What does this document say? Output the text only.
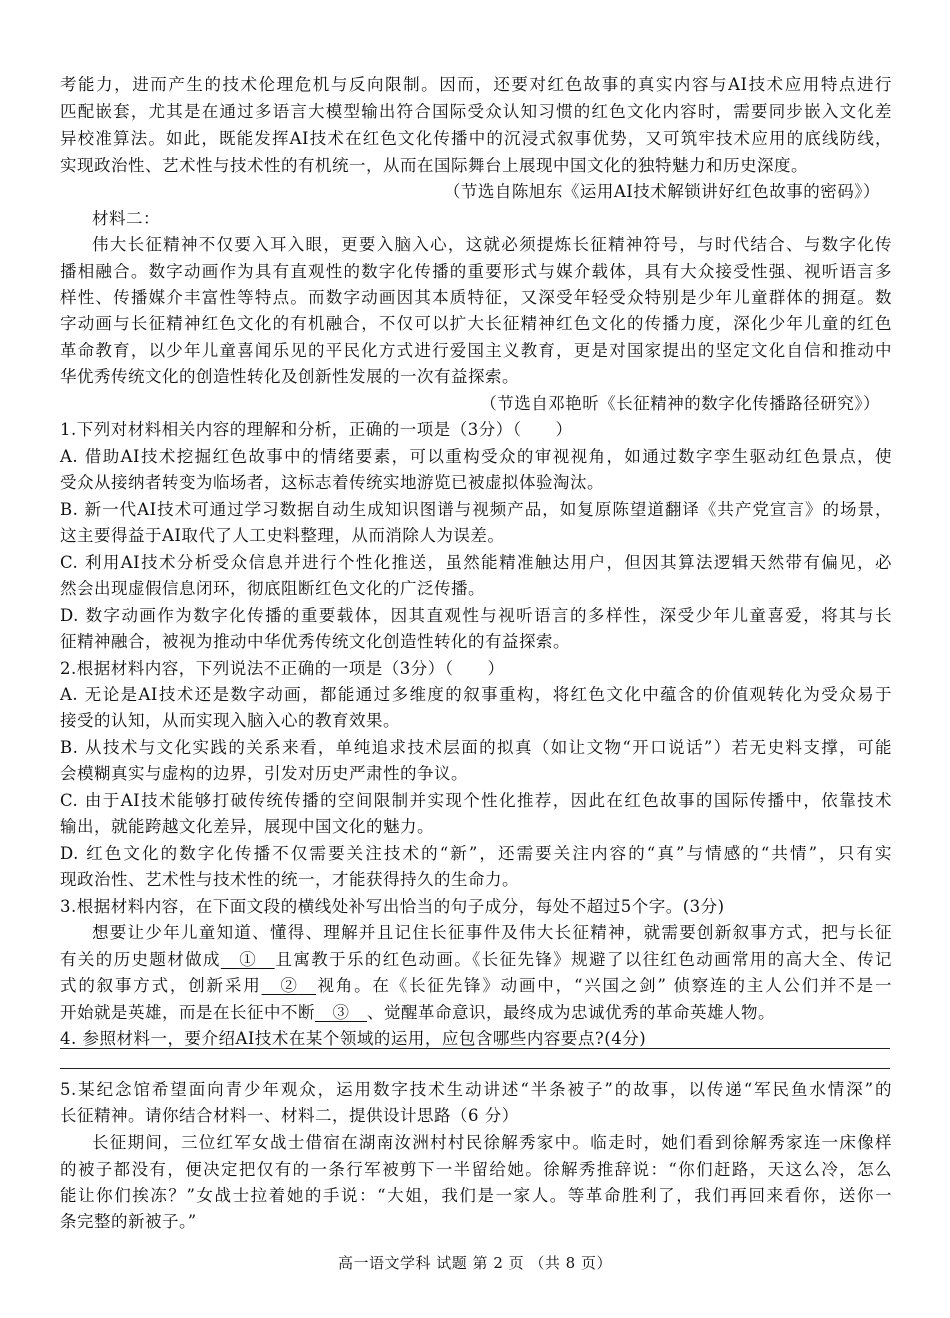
考能力，进而产生的技术伦理危机与反向限制。因而，还要对红色故事的真实内容与AI技术应用特点进行
匹配嵌套，尤其是在通过多语言大模型输出符合国际受众认知习惯的红色文化内容时，需要同步嵌入文化差
异校准算法。如此，既能发挥AI技术在红色文化传播中的沉浸式叙事优势，又可筑牢技术应用的底线防线，
实现政治性、艺术性与技术性的有机统一，从而在国际舞台上展现中国文化的独特魅力和历史深度。
（节选自陈旭东《运用AI技术解锁讲好红色故事的密码》）
材料二：
伟大长征精神不仅要入耳入眼，更要入脑入心，这就必须提炼长征精神符号，与时代结合、与数字化传
播相融合。数字动画作为具有直观性的数字化传播的重要形式与媒介载体，具有大众接受性强、视听语言多
样性、传播媒介丰富性等特点。而数字动画因其本质特征，又深受年轻受众特别是少年儿童群体的拥趸。数
字动画与长征精神红色文化的有机融合，不仅可以扩大长征精神红色文化的传播力度，深化少年儿童的红色
革命教育，以少年儿童喜闻乐见的平民化方式进行爱国主义教育，更是对国家提出的坚定文化自信和推动中
华优秀传统文化的创造性转化及创新性发展的一次有益探索。
（节选自邓艳昕《长征精神的数字化传播路径研究》）
1.下列对材料相关内容的理解和分析，正确的一项是（3分）（　　）
A. 借助AI技术挖掘红色故事中的情绪要素，可以重构受众的审视视角，如通过数字孪生驱动红色景点，使
受众从接纳者转变为临场者，这标志着传统实地游览已被虚拟体验淘汰。
B. 新一代AI技术可通过学习数据自动生成知识图谱与视频产品，如复原陈望道翻译《共产党宣言》的场景，
这主要得益于AI取代了人工史料整理，从而消除人为误差。
C. 利用AI技术分析受众信息并进行个性化推送，虽然能精准触达用户，但因其算法逻辑天然带有偏见，必
然会出现虚假信息闭环，彻底阻断红色文化的广泛传播。
D. 数字动画作为数字化传播的重要载体，因其直观性与视听语言的多样性，深受少年儿童喜爱，将其与长
征精神融合，被视为推动中华优秀传统文化创造性转化的有益探索。
2.根据材料内容，下列说法不正确的一项是（3分）（　　）
A. 无论是AI技术还是数字动画，都能通过多维度的叙事重构，将红色文化中蕴含的价值观转化为受众易于
接受的认知，从而实现入脑入心的教育效果。
B. 从技术与文化实践的关系来看，单纯追求技术层面的拟真（如让文物“开口说话”）若无史料支撑，可能
会模糊真实与虚构的边界，引发对历史严肃性的争议。
C. 由于AI技术能够打破传统传播的空间限制并实现个性化推荐，因此在红色故事的国际传播中，依靠技术
输出，就能跨越文化差异，展现中国文化的魅力。
D. 红色文化的数字化传播不仅需要关注技术的“新”，还需要关注内容的“真”与情感的“共情”，只有实
现政治性、艺术性与技术性的统一，才能获得持久的生命力。
3.根据材料内容，在下面文段的横线处补写出恰当的句子成分，每处不超过5个字。(3分)
想要让少年儿童知道、懂得、理解并且记住长征事件及伟大长征精神，就需要创新叙事方式，把与长征
有关的历史题材做成   ①   且寓教于乐的红色动画。《长征先锋》规避了以往红色动画常用的高大全、传记
式的叙事方式，创新采用   ②   视角。在《长征先锋》动画中，“兴国之剑” 侦察连的主人公们并不是一
开始就是英雄，而是在长征中不断   ③   、觉醒革命意识，最终成为忠诚优秀的革命英雄人物。
4. 参照材料一，要介绍AI技术在某个领域的运用，应包含哪些内容要点?(4分)
5.某纪念馆希望面向青少年观众，运用数字技术生动讲述“半条被子”的故事，以传递“军民鱼水情深”的
长征精神。请你结合材料一、材料二，提供设计思路（6 分）
长征期间，三位红军女战士借宿在湖南汝洲村村民徐解秀家中。临走时，她们看到徐解秀家连一床像样
的被子都没有，便决定把仅有的一条行军被剪下一半留给她。徐解秀推辞说：“你们赶路，天这么冷，怎么
能让你们挨冻？”女战士拉着她的手说：“大姐，我们是一家人。等革命胜利了，我们再回来看你，送你一
条完整的新被子。”
高一语文学科 试题 第 2 页 （共 8 页）
